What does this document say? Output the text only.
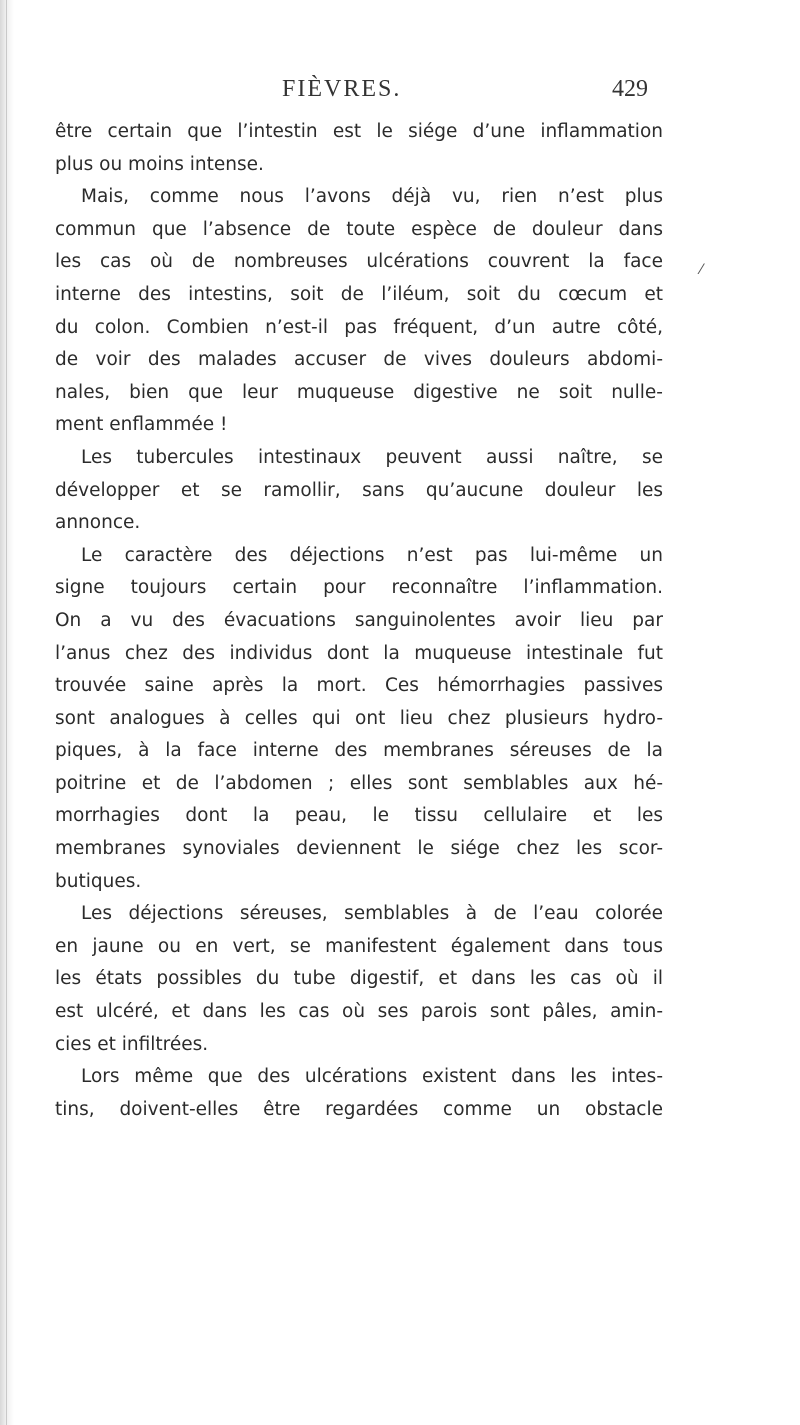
FIÈVRES.	429
⁄
être certain que l’intestin est le siége d’une inflammation
plus ou moins intense.
Mais, comme nous l’avons déjà vu, rien n’est plus
commun que l’absence de toute espèce de douleur dans
les cas où de nombreuses ulcérations couvrent la face
interne des intestins, soit de l’iléum, soit du cœcum et
du colon. Combien n’est-il pas fréquent, d’un autre côté,
de voir des malades accuser de vives douleurs abdomi-
nales, bien que leur muqueuse digestive ne soit nulle-
ment enflammée !
Les tubercules intestinaux peuvent aussi naître, se
développer et se ramollir, sans qu’aucune douleur les
annonce.
Le caractère des déjections n’est pas lui-même un
signe toujours certain pour reconnaître l’inflammation.
On a vu des évacuations sanguinolentes avoir lieu par
l’anus chez des individus dont la muqueuse intestinale fut
trouvée saine après la mort. Ces hémorrhagies passives
sont analogues à celles qui ont lieu chez plusieurs hydro-
piques, à la face interne des membranes séreuses de la
poitrine et de l’abdomen ; elles sont semblables aux hé-
morrhagies dont la peau, le tissu cellulaire et les
membranes synoviales deviennent le siége chez les scor-
butiques.
Les déjections séreuses, semblables à de l’eau colorée
en jaune ou en vert, se manifestent également dans tous
les états possibles du tube digestif, et dans les cas où il
est ulcéré, et dans les cas où ses parois sont pâles, amin-
cies et infiltrées.
Lors même que des ulcérations existent dans les intes-
tins, doivent-elles être regardées comme un obstacle
